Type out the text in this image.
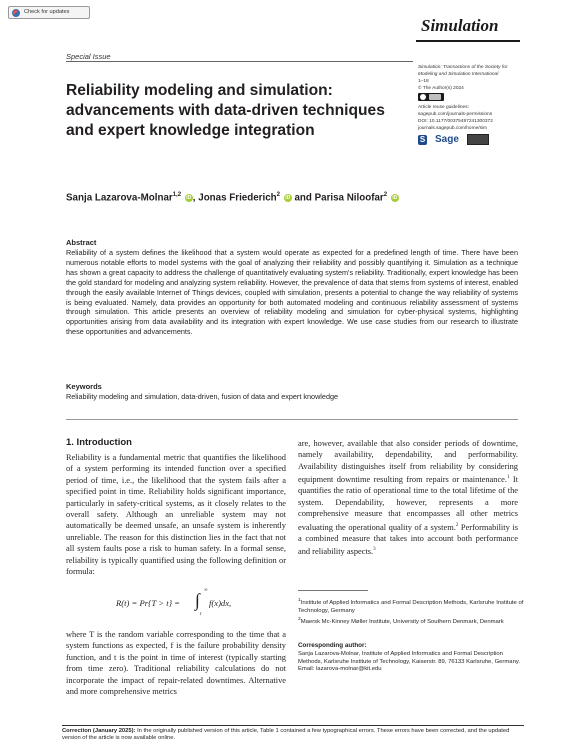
Check for updates
Simulation
Special Issue
Simulation: Transactions of the Society for Modeling and Simulation International
1–18
© The Author(s) 2024
Article reuse guidelines:
sagepub.com/journals-permissions
DOI: 10.1177/00375497241300372
journals.sagepub.com/home/sim
S Sage
Reliability modeling and simulation: advancements with data-driven techniques and expert knowledge integration
Sanja Lazarova-Molnar$^{1,2}$ iD , Jonas Friederich$^2$ iD and Parisa Niloofar$^2$ iD
Abstract

Reliability of a system defines the likelihood that a system would operate as expected for a predefined length of time. There have been numerous notable efforts to model systems with the goal of analyzing their reliability and possibly quantifying it. Simulation as a technique has shown a great capacity to address the challenge of quantitatively evaluating system's reliability. Traditionally, expert knowledge has been the gold standard for modeling and analyzing system reliability. However, the prevalence of data that stems from systems of interest, enabled through the easily available Internet of Things devices, coupled with simulation, presents a potential to change the way reliability of systems is being evaluated. Namely, data provides an opportunity for both automated modeling and continuous reliability assessment of systems through simulation. This article presents an overview of reliability modeling and simulation for cyber-physical systems, highlighting opportunities arising from data availability and its integration with expert knowledge. We use case studies from our research to illustrate these opportunities and advancements.

Keywords

Reliability modeling and simulation, data-driven, fusion of data and expert knowledge

1. Introduction

Reliability is a fundamental metric that quantifies the likelihood of a system performing its intended function over a specified period of time, i.e., the likelihood that the system fails after a specified point in time. Reliability holds significant importance, particularly in safety-critical systems, as it closely relates to the overall safety. Although an unreliable system may not automatically be deemed unsafe, an unsafe system is inherently unreliable. The reason for this distinction lies in the fact that not all system faults pose a risk to human safety. In a formal sense, reliability is typically quantified using the following definition or formula:

R(t) = Pr{T > t} = ∫ ∞
t
f(x)dx,

where T is the random variable corresponding to the time that a system functions as expected, f is the failure probability density function, and t is the point in time of interest (typically starting from time zero). Traditional reliability calculations do not incorporate the impact of repair-related downtimes. Alternative and more comprehensive metrics

are, however, available that also consider periods of downtime, namely availability, dependability, and performability. Availability distinguishes itself from reliability by considering equipment downtime resulting from repairs or maintenance.$^1$ It quantifies the ratio of operational time to the total lifetime of the system. Dependability, however, represents a more comprehensive measure that encompasses all other metrics evaluating the operational quality of a system.$^2$ Performability is a combined measure that takes into account both performance and reliability aspects.$^3$

$^1$Institute of Applied Informatics and Formal Description Methods, Karlsruhe Institute of Technology, Germany
$^2$Maersk Mc-Kinney Møller Institute, University of Southern Denmark, Denmark
Corresponding author:
Sanja Lazarova-Molnar, Institute of Applied Informatics and Formal Description Methods, Karlsruhe Institute of Technology, Kaiserstr. 89, 76133 Karlsruhe, Germany.
Email: lazarova-molnar@kit.edu
Correction (January 2025): In the originally published version of this article, Table 1 contained a few typographical errors. These errors have been corrected, and the updated version of the article is now available online.
